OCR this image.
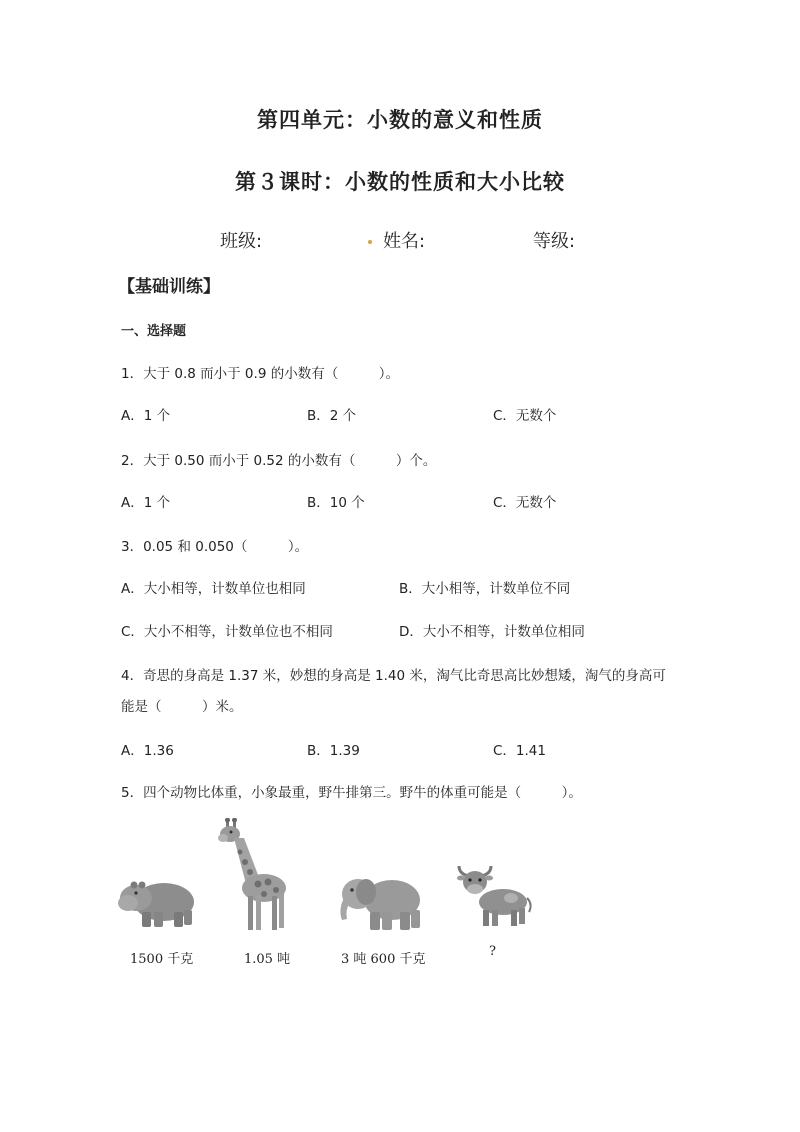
第四单元：小数的意义和性质
第３课时：小数的性质和大小比较
班级:	姓名:	等级:
【基础训练】
一、选择题
1．大于 0.8 而小于 0.9 的小数有（　　　）。
A．1 个	B．2 个	C．无数个
2．大于 0.50 而小于 0.52 的小数有（　　　）个。
A．1 个	B．10 个	C．无数个
3．0.05 和 0.050（　　　）。
A．大小相等，计数单位也相同	B．大小相等，计数单位不同
C．大小不相等，计数单位也不相同	D．大小不相等，计数单位相同
4．奇思的身高是 1.37 米，妙想的身高是 1.40 米，淘气比奇思高比妙想矮，淘气的身高可
能是（　　　）米。
A．1.36	B．1.39	C．1.41
5．四个动物比体重，小象最重，野牛排第三。野牛的体重可能是（　　　）。
1500 千克	1.05 吨	3 吨 600 千克
?
